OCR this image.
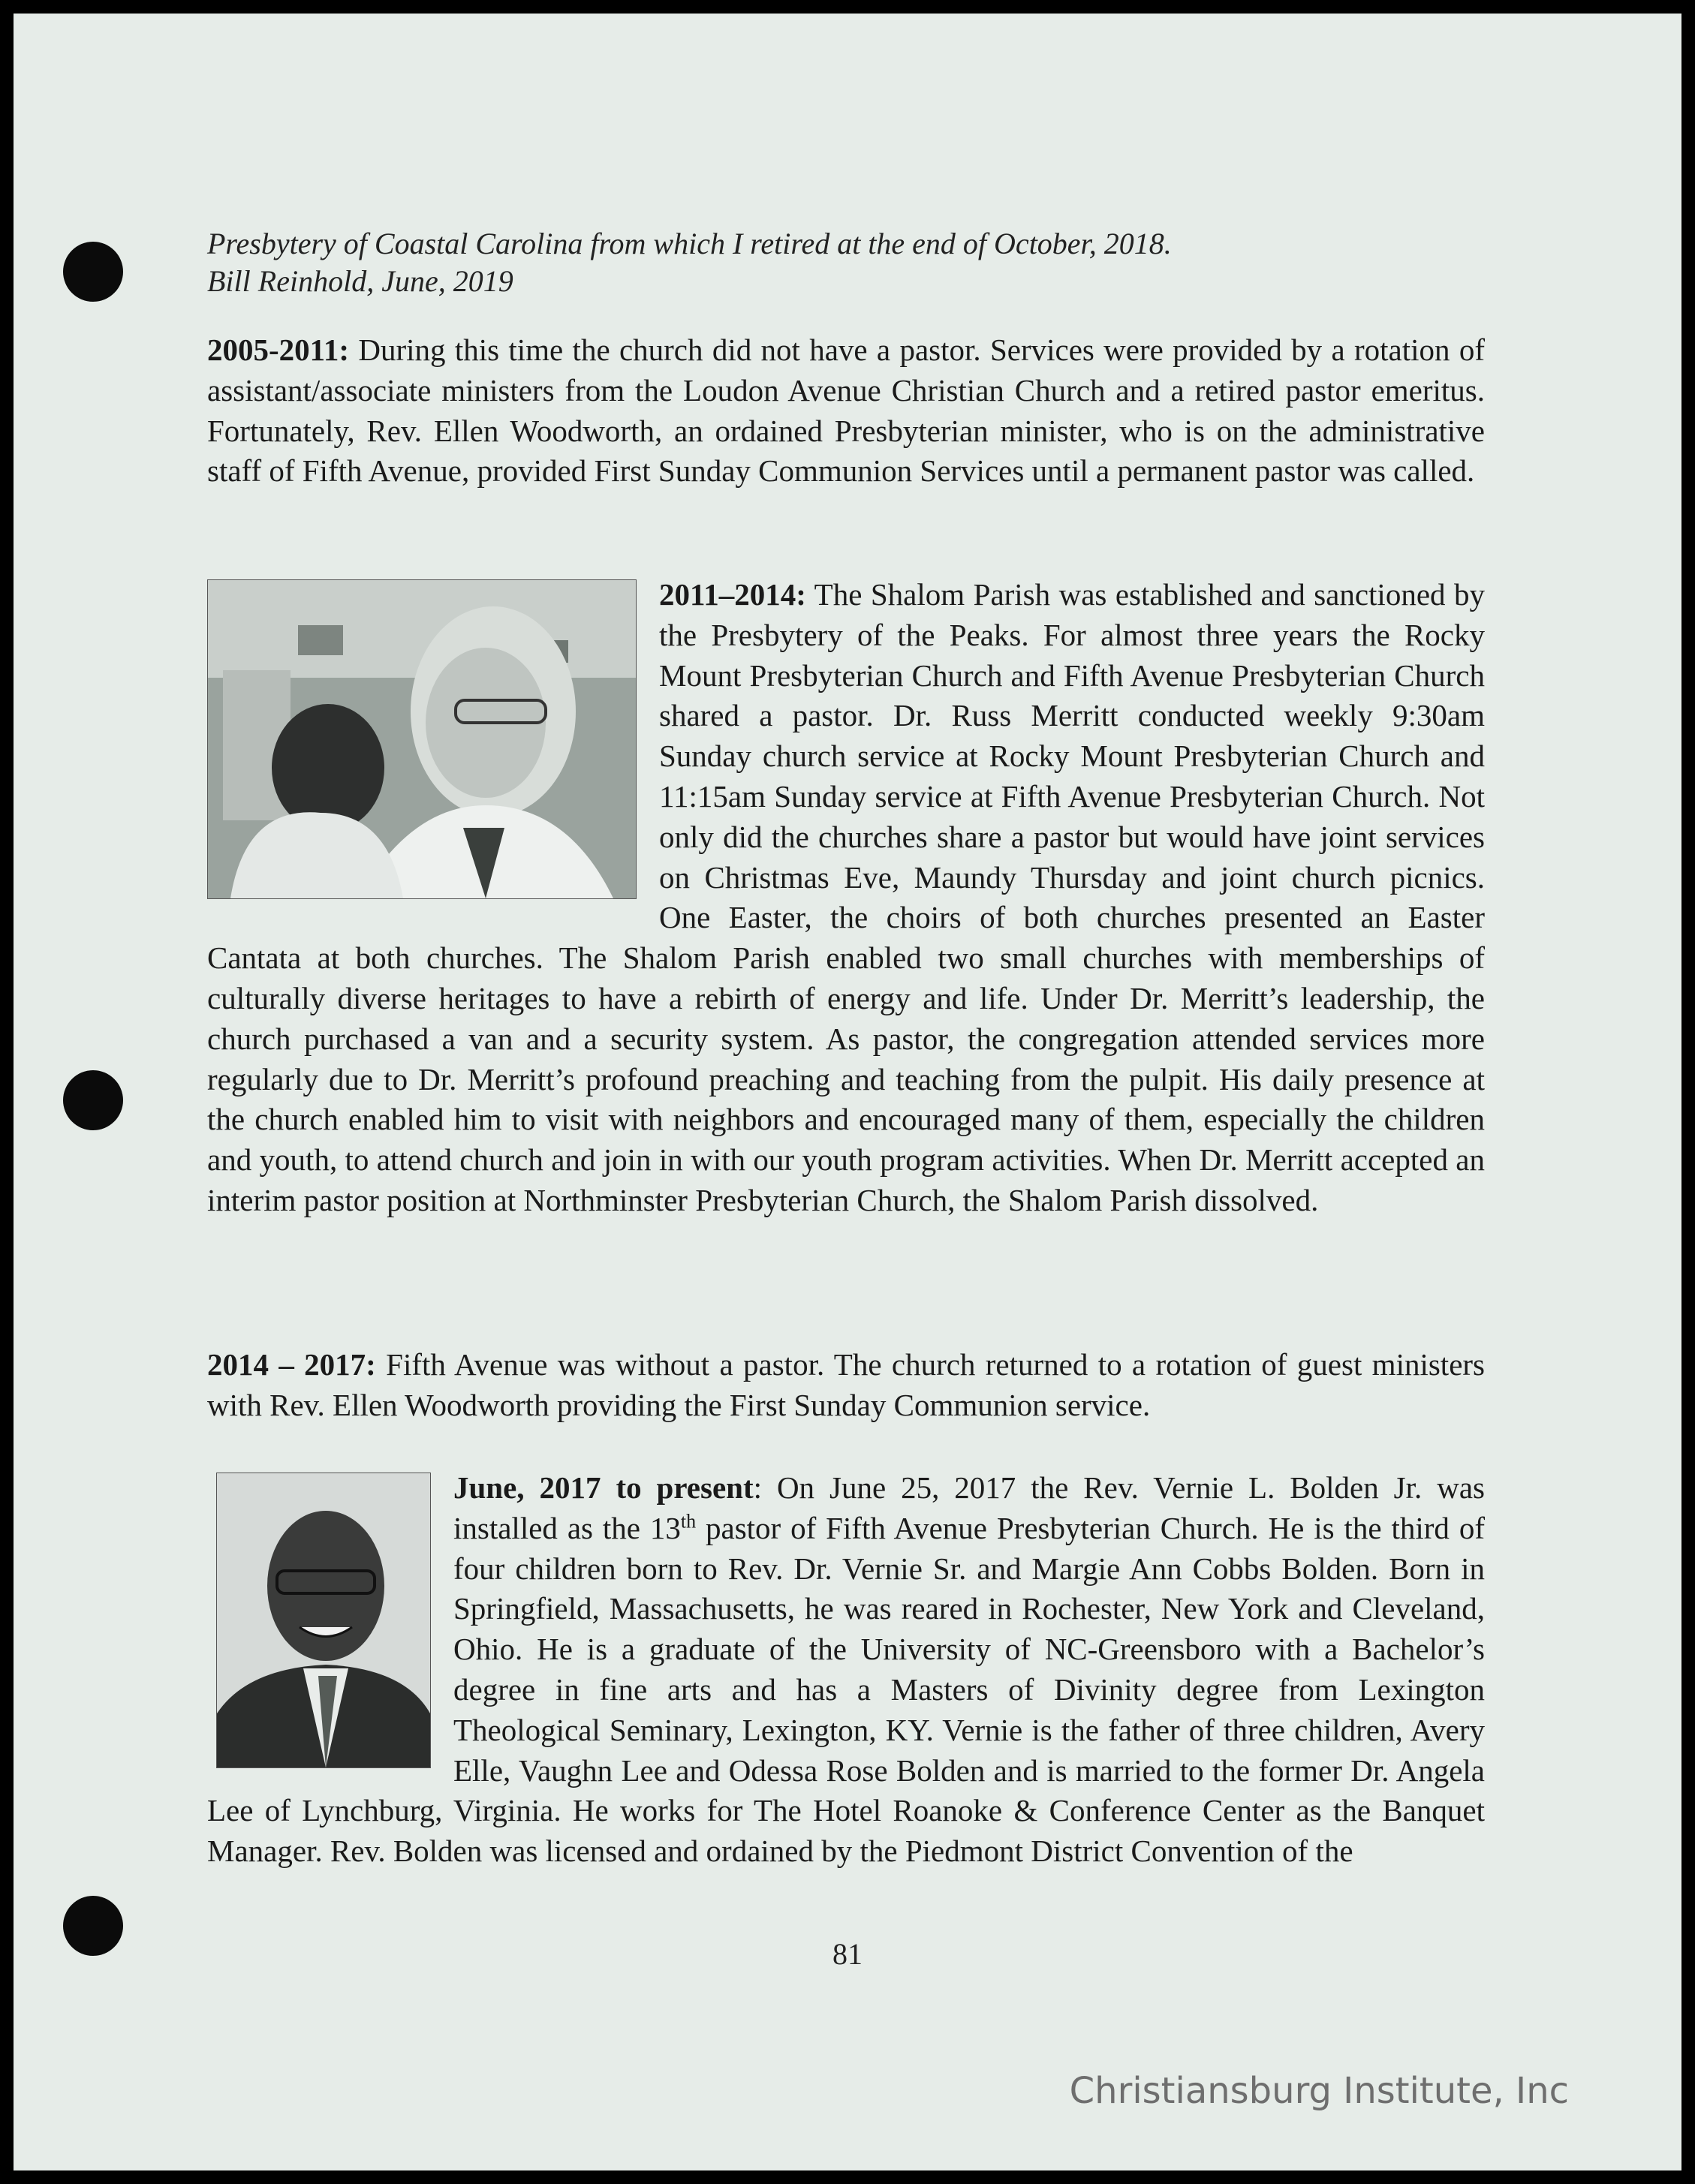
Presbytery of Coastal Carolina from which I retired at the end of October, 2018.
Bill Reinhold, June, 2019
2005-2011: During this time the church did not have a pastor. Services were provided by a rotation of assistant/associate ministers from the Loudon Avenue Christian Church and a retired pastor emeritus. Fortunately, Rev. Ellen Woodworth, an ordained Presbyterian minister, who is on the administrative staff of Fifth Avenue, provided First Sunday Communion Services until a permanent pastor was called.
2011–2014: The Shalom Parish was established and sanctioned by the Presbytery of the Peaks. For almost three years the Rocky Mount Presbyterian Church and Fifth Avenue Presbyterian Church shared a pastor. Dr. Russ Merritt conducted weekly 9:30am Sunday church service at Rocky Mount Presbyterian Church and 11:15am Sunday service at Fifth Avenue Presbyterian Church. Not only did the churches share a pastor but would have joint services on Christmas Eve, Maundy Thursday and joint church picnics. One Easter, the choirs of both churches presented an Easter Cantata at both churches. The Shalom Parish enabled two small churches with memberships of culturally diverse heritages to have a rebirth of energy and life. Under Dr. Merritt’s leadership, the church purchased a van and a security system. As pastor, the congregation attended services more regularly due to Dr. Merritt’s profound preaching and teaching from the pulpit. His daily presence at the church enabled him to visit with neighbors and encouraged many of them, especially the children and youth, to attend church and join in with our youth program activities. When Dr. Merritt accepted an interim pastor position at Northminster Presbyterian Church, the Shalom Parish dissolved.
2014 – 2017: Fifth Avenue was without a pastor. The church returned to a rotation of guest ministers with Rev. Ellen Woodworth providing the First Sunday Communion service.
June, 2017 to present: On June 25, 2017 the Rev. Vernie L. Bolden Jr. was installed as the 13th pastor of Fifth Avenue Presbyterian Church. He is the third of four children born to Rev. Dr. Vernie Sr. and Margie Ann Cobbs Bolden. Born in Springfield, Massachusetts, he was reared in Rochester, New York and Cleveland, Ohio. He is a graduate of the University of NC-Greensboro with a Bachelor’s degree in fine arts and has a Masters of Divinity degree from Lexington Theological Seminary, Lexington, KY. Vernie is the father of three children, Avery Elle, Vaughn Lee and Odessa Rose Bolden and is married to the former Dr. Angela Lee of Lynchburg, Virginia. He works for The Hotel Roanoke & Conference Center as the Banquet Manager. Rev. Bolden was licensed and ordained by the Piedmont District Convention of the
81
Christiansburg Institute, Inc
